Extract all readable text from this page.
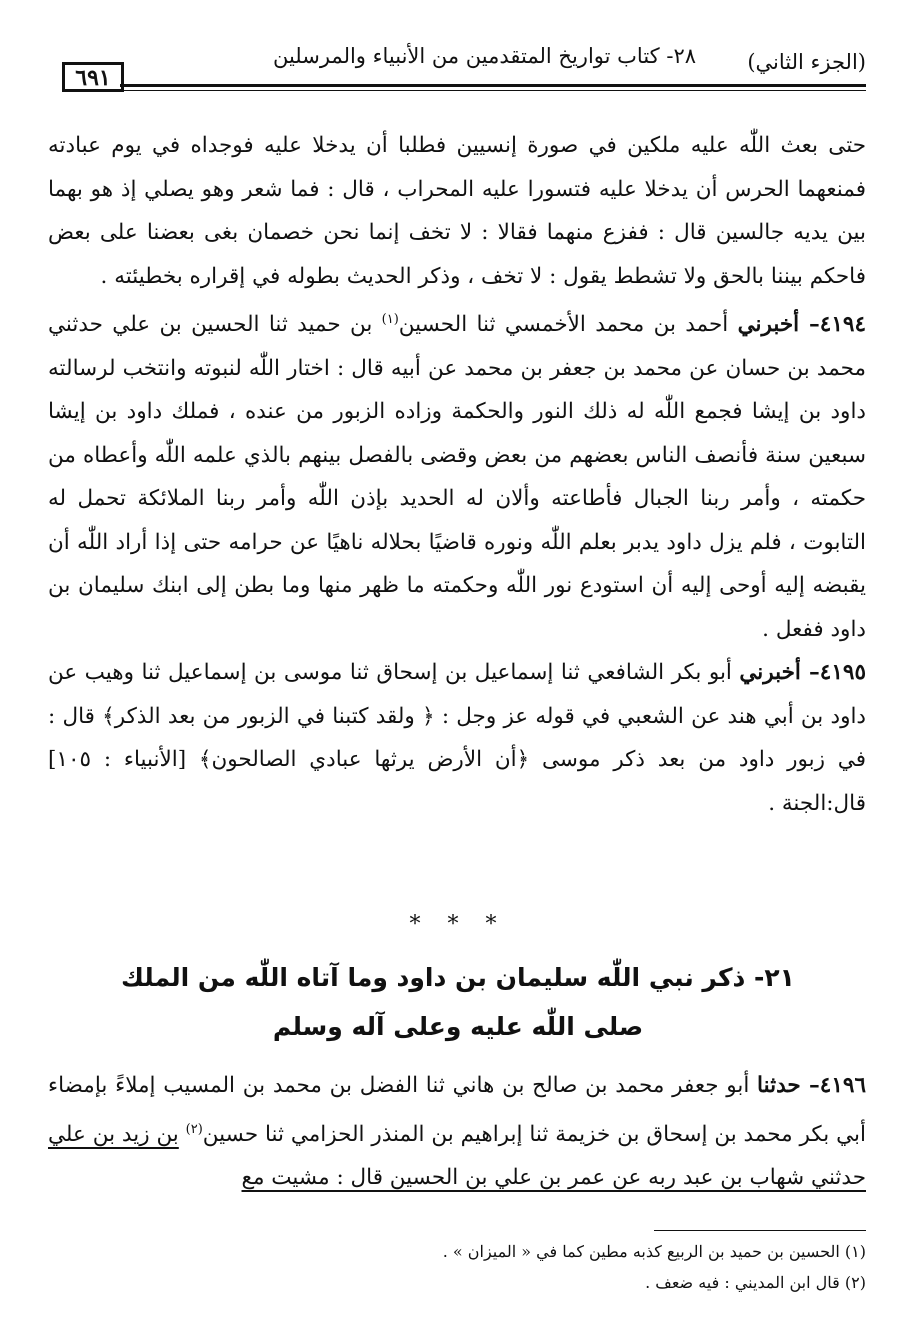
(الجزء الثاني)
٢٨- كتاب تواريخ المتقدمين من الأنبياء والمرسلين
٦٩١

حتى بعث اللّٰه عليه ملكين في صورة إنسيين فطلبا أن يدخلا عليه فوجداه في يوم عبادته فمنعهما الحرس أن يدخلا عليه فتسورا عليه المحراب ، قال : فما شعر وهو يصلي إذ هو بهما بين يديه جالسين قال : ففزع منهما فقالا : لا تخف إنما نحن خصمان بغى بعضنا على بعض فاحكم بيننا بالحق ولا تشطط يقول : لا تخف ، وذكر الحديث بطوله في إقراره بخطيئته .

٤١٩٤– أخبرني أحمد بن محمد الأخمسي ثنا الحسين$^{(١)}$ بن حميد ثنا الحسين بن علي حدثني محمد بن حسان عن محمد بن جعفر بن محمد عن أبيه قال : اختار اللّٰه لنبوته وانتخب لرسالته داود بن إيشا فجمع اللّٰه له ذلك النور والحكمة وزاده الزبور من عنده ، فملك داود بن إيشا سبعين سنة فأنصف الناس بعضهم من بعض وقضى بالفصل بينهم بالذي علمه اللّٰه وأعطاه من حكمته ، وأمر ربنا الجبال فأطاعته وألان له الحديد بإذن اللّٰه وأمر ربنا الملائكة تحمل له التابوت ، فلم يزل داود يدبر بعلم اللّٰه ونوره قاضيًا بحلاله ناهيًا عن حرامه حتى إذا أراد اللّٰه أن يقبضه إليه أوحى إليه أن استودع نور اللّٰه وحكمته ما ظهر منها وما بطن إلى ابنك سليمان بن داود ففعل .

٤١٩٥– أخبرني أبو بكر الشافعي ثنا إسماعيل بن إسحاق ثنا موسى بن إسماعيل ثنا وهيب عن داود بن أبي هند عن الشعبي في قوله عز وجل : ﴿ ولقد كتبنا في الزبور من بعد الذكر﴾ قال : في زبور داود من بعد ذكر موسى ﴿أن الأرض يرثها عبادي الصالحون﴾ [الأنبياء : ١٠٥] قال:الجنة .

* * *
٢١- ذكر نبي اللّٰه سليمان بن داود وما آتاه اللّٰه من الملك
صلى اللّٰه عليه وعلى آله وسلم

٤١٩٦– حدثنا أبو جعفر محمد بن صالح بن هاني ثنا الفضل بن محمد بن المسيب إملاءً بإمضاء أبي بكر محمد بن إسحاق بن خزيمة ثنا إبراهيم بن المنذر الحزامي ثنا حسين$^{(٢)}$ بن زيد بن علي حدثني شهاب بن عبد ربه عن عمر بن علي بن الحسين قال : مشيت مع

(١) الحسين بن حميد بن الربيع كذبه مطين كما في « الميزان » .
(٢) قال ابن المديني : فيه ضعف .
